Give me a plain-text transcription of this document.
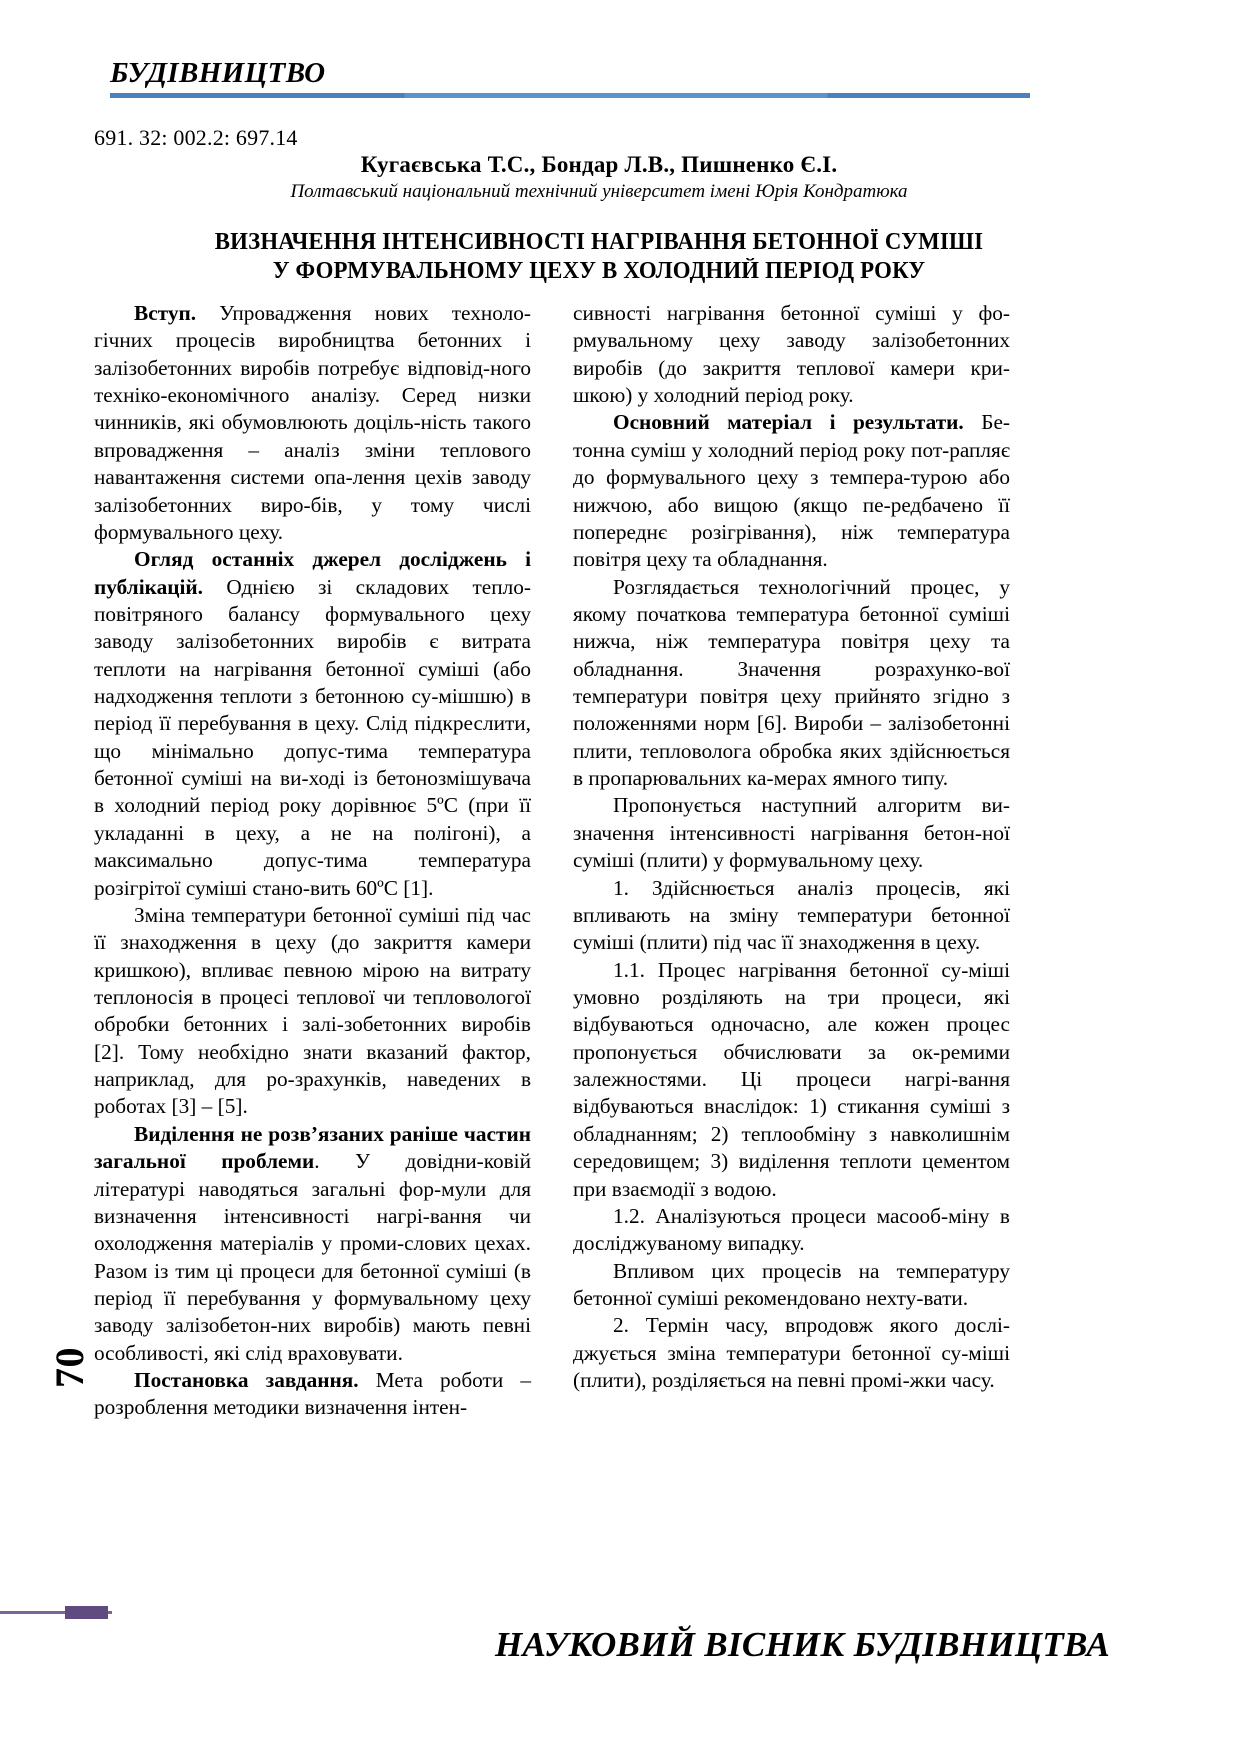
БУДІВНИЦТВО
691. 32: 002.2: 697.14
Кугаєвська Т.С., Бондар Л.В., Пишненко Є.І.
Полтавський національний технічний університет імені Юрія Кондратюка
ВИЗНАЧЕННЯ ІНТЕНСИВНОСТІ НАГРІВАННЯ БЕТОННОЇ СУМІШІ
У ФОРМУВАЛЬНОМУ ЦЕХУ В ХОЛОДНИЙ ПЕРІОД РОКУ

Вступ. Упровадження нових техноло-гічних процесів виробництва бетонних і залізобетонних виробів потребує відповід-ного техніко-економічного аналізу. Серед низки чинників, які обумовлюють доціль-ність такого впровадження – аналіз зміни теплового навантаження системи опа-лення цехів заводу залізобетонних виро-бів, у тому числі формувального цеху.

Огляд останніх джерел досліджень і публікацій. Однією зі складових тепло-повітряного балансу формувального цеху заводу залізобетонних виробів є витрата теплоти на нагрівання бетонної суміші (або надходження теплоти з бетонною су-мішшю) в період її перебування в цеху. Слід підкреслити, що мінімально допус-тима температура бетонної суміші на ви-ході із бетонозмішувача в холодний період року дорівнює 5ºC (при її укладанні в цеху, а не на полігоні), а максимально допус-тима температура розігрітої суміші стано-вить 60ºC [1].

Зміна температури бетонної суміші під час її знаходження в цеху (до закриття камери кришкою), впливає певною мірою на витрату теплоносія в процесі теплової чи тепловологої обробки бетонних і залі-зобетонних виробів [2]. Тому необхідно знати вказаний фактор, наприклад, для ро-зрахунків, наведених в роботах [3] – [5].

Виділення не розв’язаних раніше частин загальної проблеми. У довідни-ковій літературі наводяться загальні фор-мули для визначення інтенсивності нагрі-вання чи охолодження матеріалів у проми-слових цехах. Разом із тим ці процеси для бетонної суміші (в період її перебування у формувальному цеху заводу залізобетон-них виробів) мають певні особливості, які слід враховувати.

Постановка завдання. Мета роботи – розроблення методики визначення інтен-

сивності нагрівання бетонної суміші у фо-рмувальному цеху заводу залізобетонних виробів (до закриття теплової камери кри-шкою) у холодний період року.

Основний матеріал і результати. Бе-тонна суміш у холодний період року пот-рапляє до формувального цеху з темпера-турою або нижчою, або вищою (якщо пе-редбачено її попереднє розігрівання), ніж температура повітря цеху та обладнання.

Розглядається технологічний процес, у якому початкова температура бетонної суміші нижча, ніж температура повітря цеху та обладнання. Значення розрахунко-вої температури повітря цеху прийнято згідно з положеннями норм [6]. Вироби – залізобетонні плити, тепловолога обробка яких здійснюється в пропарювальних ка-мерах ямного типу.

Пропонується наступний алгоритм ви-значення інтенсивності нагрівання бетон-ної суміші (плити) у формувальному цеху.

1. Здійснюється аналіз процесів, які впливають на зміну температури бетонної суміші (плити) під час її знаходження в цеху.

1.1. Процес нагрівання бетонної су-міші умовно розділяють на три процеси, які відбуваються одночасно, але кожен процес пропонується обчислювати за ок-ремими залежностями. Ці процеси нагрі-вання відбуваються внаслідок: 1) стикання суміші з обладнанням; 2) теплообміну з навколишнім середовищем; 3) виділення теплоти цементом при взаємодії з водою.

1.2. Аналізуються процеси масооб-міну в досліджуваному випадку.

Впливом цих процесів на температуру бетонної суміші рекомендовано нехту-вати.

2. Термін часу, впродовж якого дослі-джується зміна температури бетонної су-міші (плити), розділяється на певні промі-жки часу.

70
НАУКОВИЙ ВІСНИК БУДІВНИЦТВА
